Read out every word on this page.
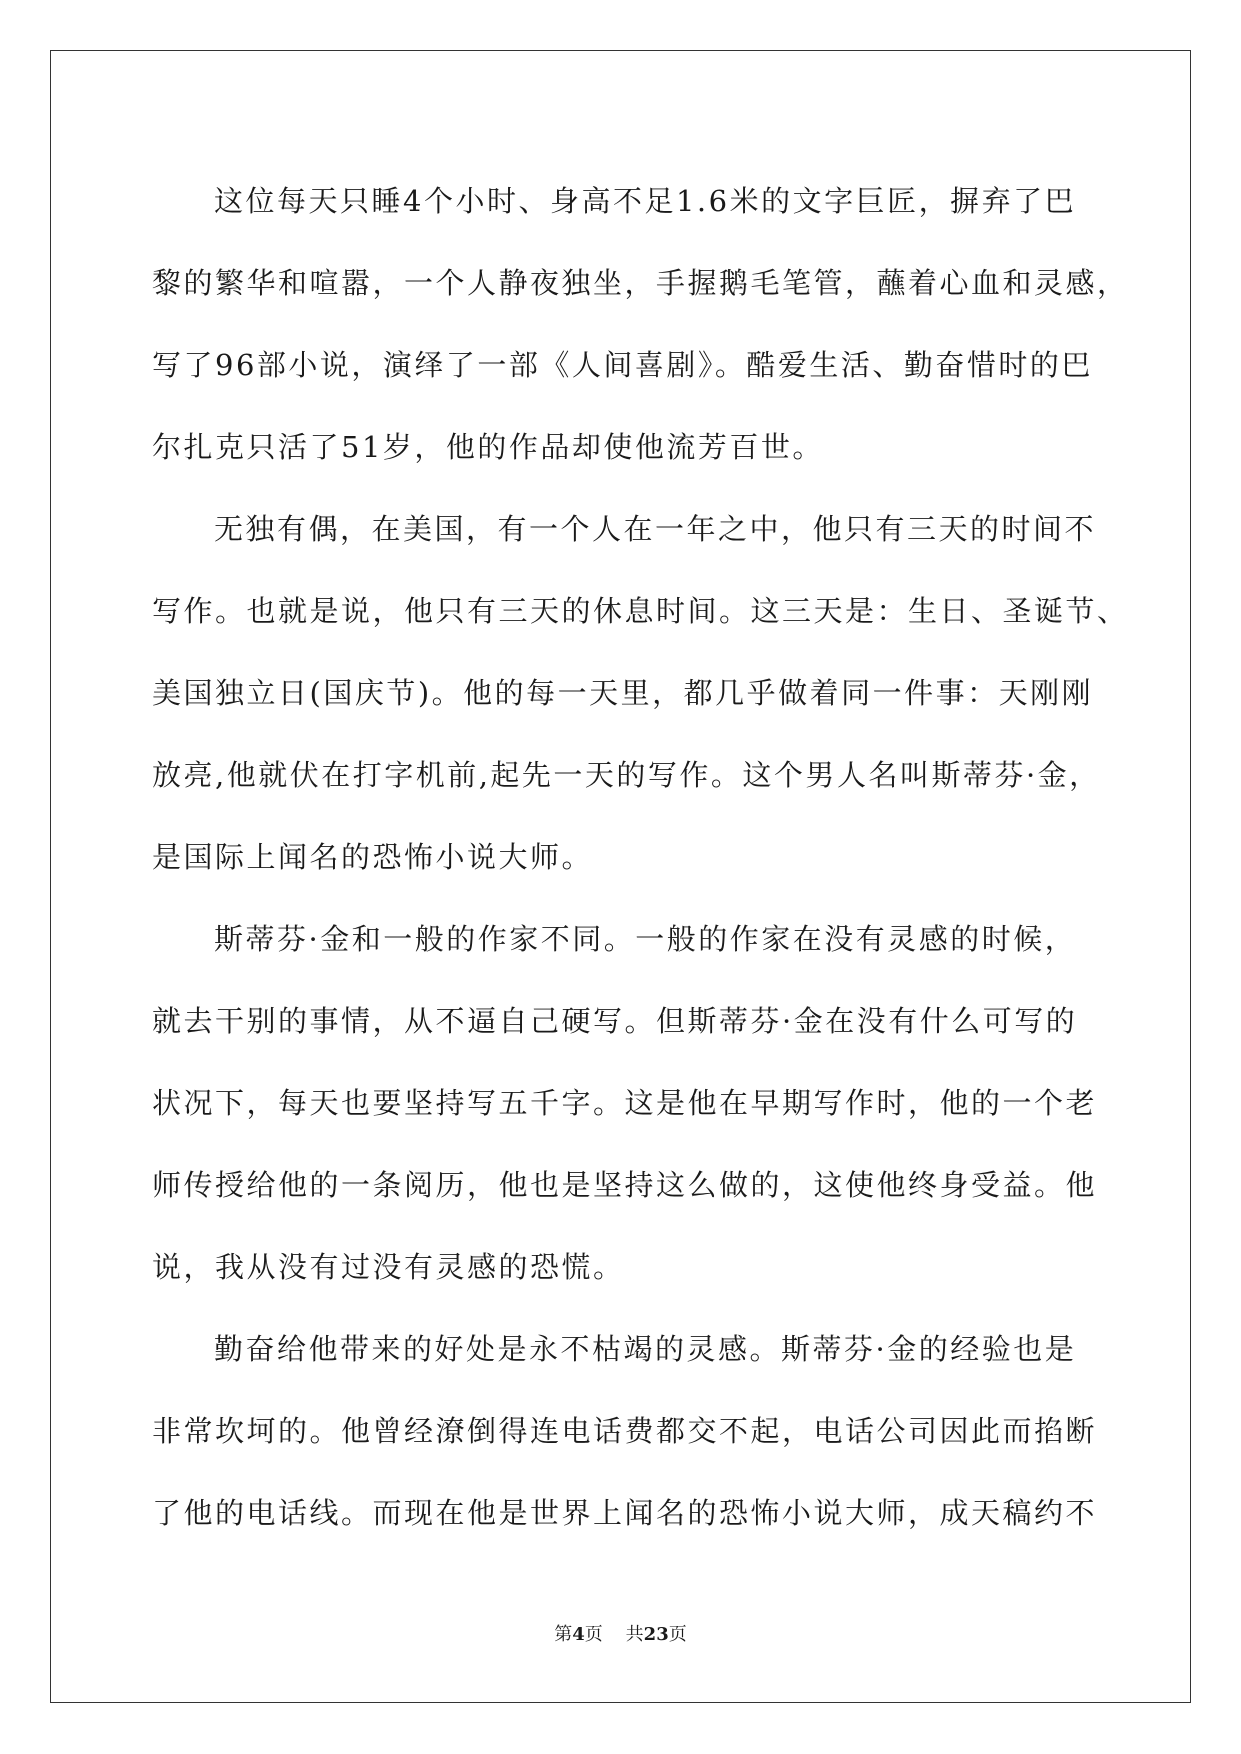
这位每天只睡4个小时、身高不足1.6米的文字巨匠，摒弃了巴
黎的繁华和喧嚣，一个人静夜独坐，手握鹅毛笔管，蘸着心血和灵感，
写了96部小说，演绎了一部《人间喜剧》。酷爱生活、勤奋惜时的巴
尔扎克只活了51岁，他的作品却使他流芳百世。
无独有偶，在美国，有一个人在一年之中，他只有三天的时间不
写作。也就是说，他只有三天的休息时间。这三天是：生日、圣诞节、
美国独立日(国庆节)。他的每一天里，都几乎做着同一件事：天刚刚
放亮,他就伏在打字机前,起先一天的写作。这个男人名叫斯蒂芬·金，
是国际上闻名的恐怖小说大师。
斯蒂芬·金和一般的作家不同。一般的作家在没有灵感的时候，
就去干别的事情，从不逼自己硬写。但斯蒂芬·金在没有什么可写的
状况下，每天也要坚持写五千字。这是他在早期写作时，他的一个老
师传授给他的一条阅历，他也是坚持这么做的，这使他终身受益。他
说，我从没有过没有灵感的恐慌。
勤奋给他带来的好处是永不枯竭的灵感。斯蒂芬·金的经验也是
非常坎坷的。他曾经潦倒得连电话费都交不起，电话公司因此而掐断
了他的电话线。而现在他是世界上闻名的恐怖小说大师，成天稿约不
第4页 共23页
